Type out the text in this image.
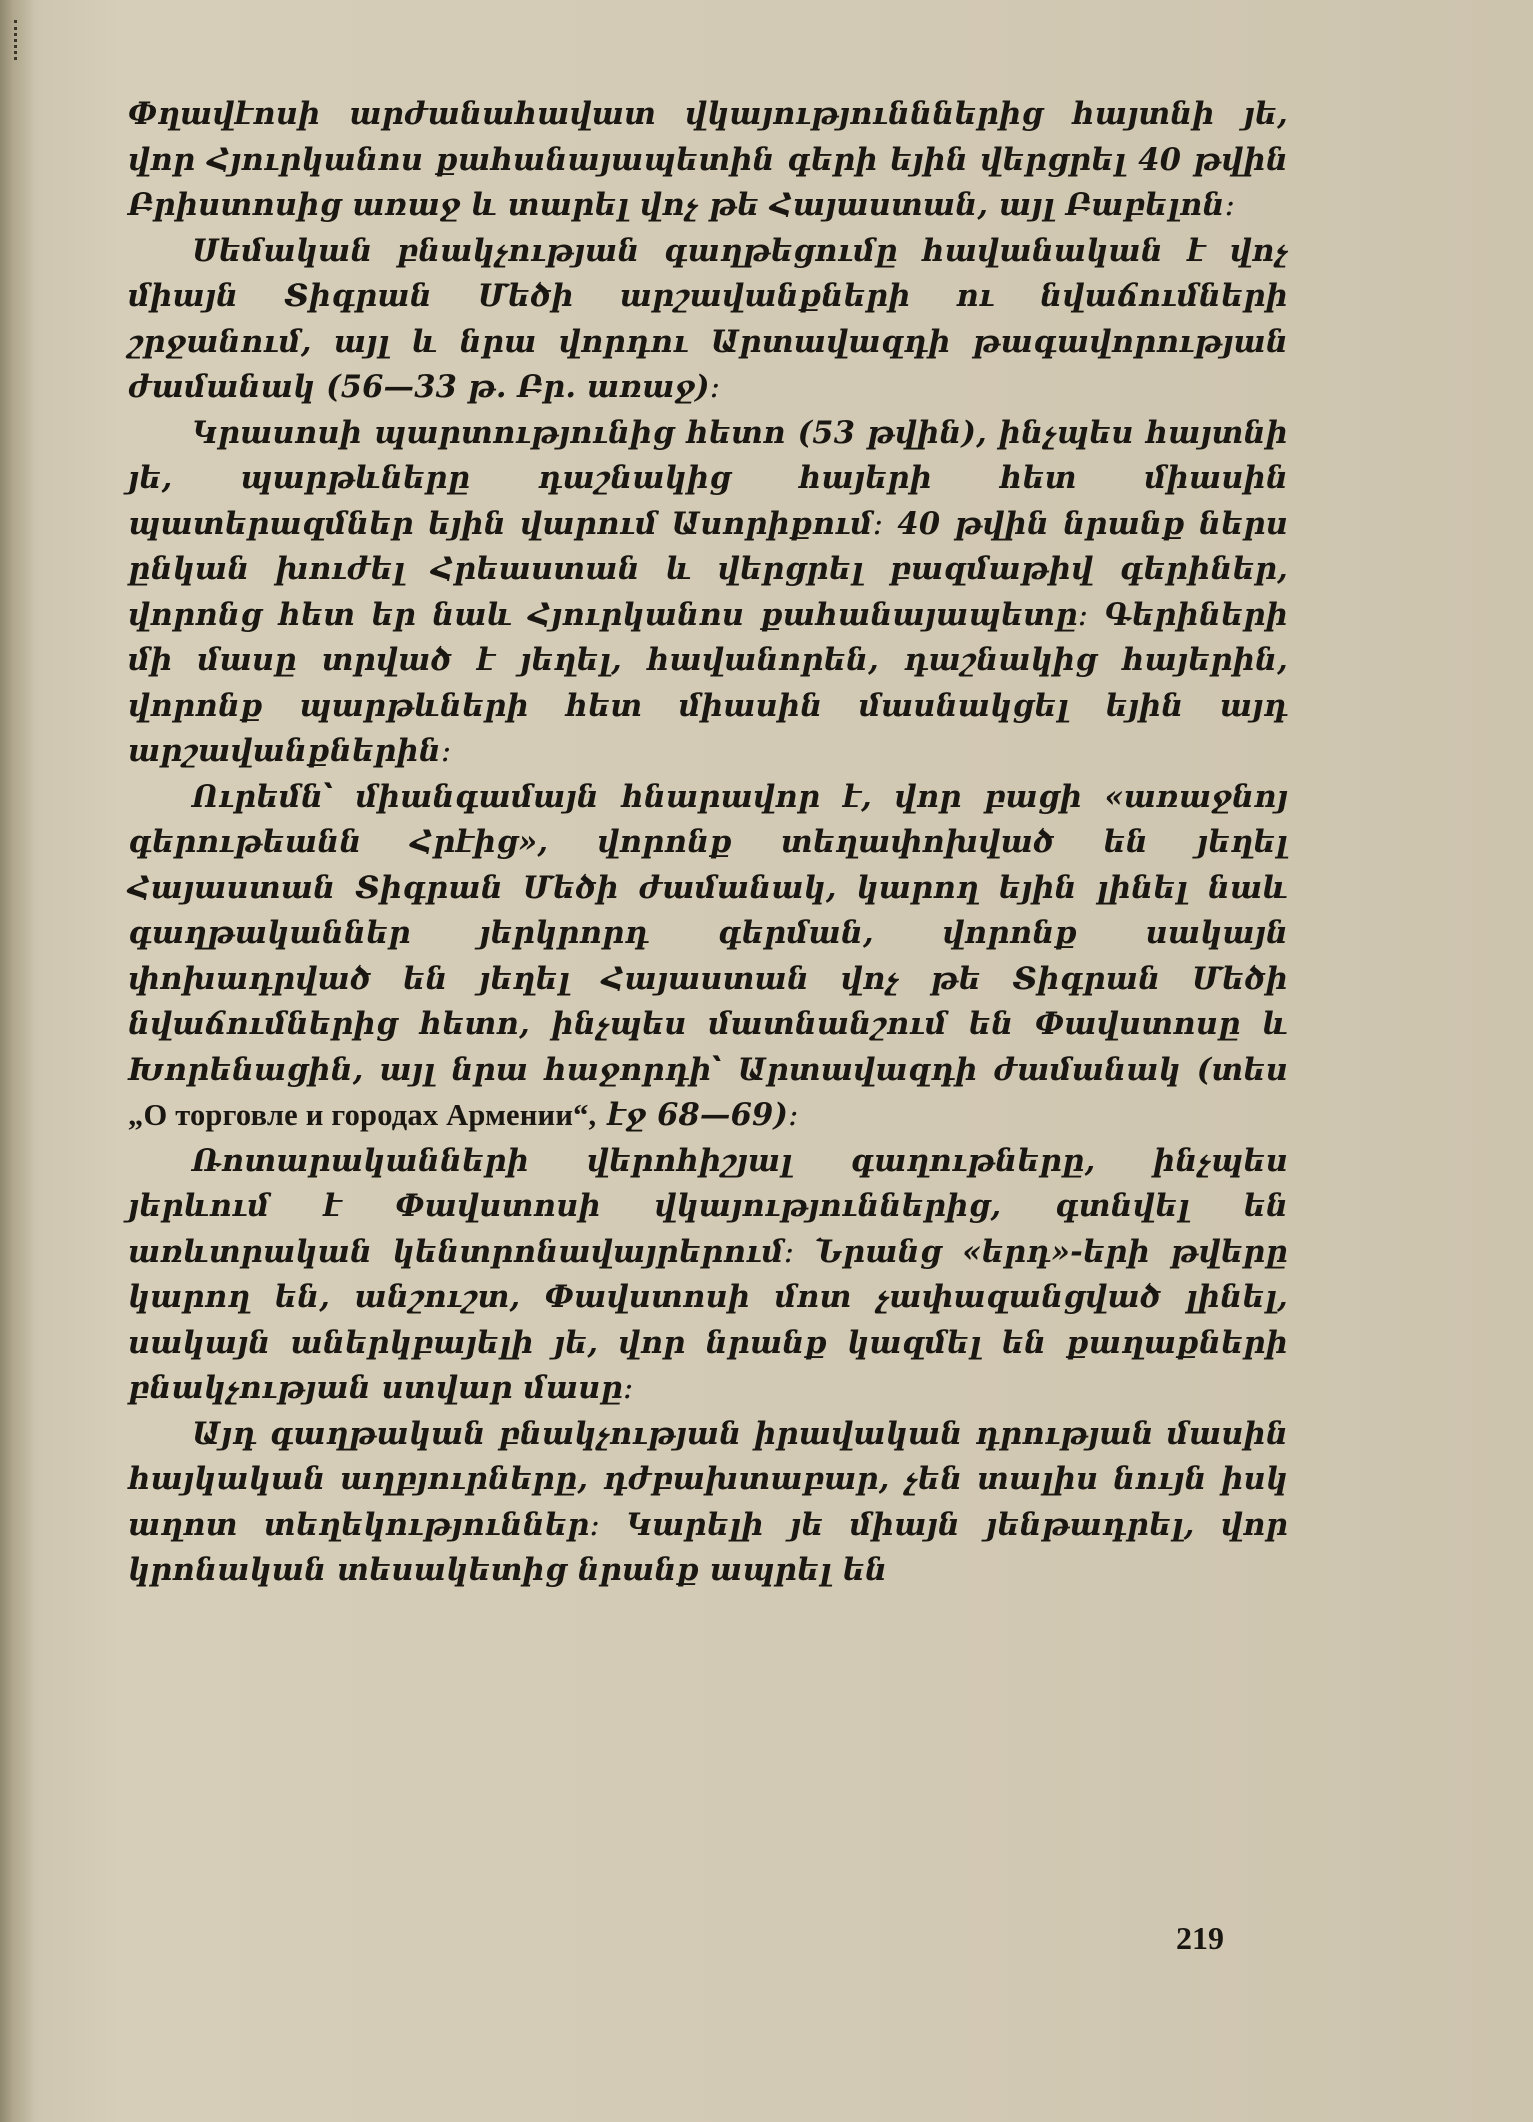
Փղավէոսի արժանահավատ վկայությունններից հայտնի յե, վոր Հյուրկանոս քահանայապետին գերի եյին վերցրել 40 թվին Բրիստոսից առաջ և տարել վոչ թե Հայաստան, այլ Բաբելոն։

Սեմական բնակչության գաղթեցումը հավանական է վոչ միայն Տիգրան Մեծի արշավանքների ու նվաճումների շրջանում, այլ և նրա վորդու Արտավազդի թագավորության ժամանակ (56—33 թ. Բր. առաջ)։

Կրասոսի պարտությունից հետո (53 թվին), ինչպես հայտնի յե, պարթևները դաշնակից հայերի հետ միասին պատերազմներ եյին վարում Ասորիքում։ 40 թվին նրանք ներս ընկան խուժել Հրեաստան և վերցրել բազմաթիվ գերիներ, վորոնց հետ եր նաև Հյուրկանոս քահանայապետը։ Գերիների մի մասը տրված է յեղել, հավանորեն, դաշնակից հայերին, վորոնք պարթևների հետ միասին մասնակցել եյին այդ արշավանքներին։

Ուրեմն՝ միանգամայն հնարավոր է, վոր բացի «առաջնոյ գերութեանն Հրէից», վորոնք տեղափոխված են յեղել Հայաստան Տիգրան Մեծի ժամանակ, կարող եյին լինել նաև գաղթականներ յերկրորդ գերման, վորոնք սակայն փոխադրված են յեղել Հայաստան վոչ թե Տիգրան Մեծի նվաճումներից հետո, ինչպես մատնանշում են Փավստոսը և Խորենացին, այլ նրա հաջորդի՝ Արտավազդի ժամանակ (տես „О торговле и городах Армении“, էջ 68—69)։

Ռոտարականների վերոհիշյալ գաղութները, ինչպես յերևում է Փավստոսի վկայություններից, գտնվել են առևտրական կենտրոնավայրերում։ Նրանց «երդ»-երի թվերը կարող են, անշուշտ, Փավստոսի մոտ չափազանցված լինել, սակայն աներկբայելի յե, վոր նրանք կազմել են քաղաքների բնակչության ստվար մասը։

Այդ գաղթական բնակչության իրավական դրության մասին հայկական աղբյուրները, դժբախտաբար, չեն տալիս նույն իսկ աղոտ տեղեկություններ։ Կարելի յե միայն յենթադրել, վոր կրոնական տեսակետից նրանք ապրել են

219
